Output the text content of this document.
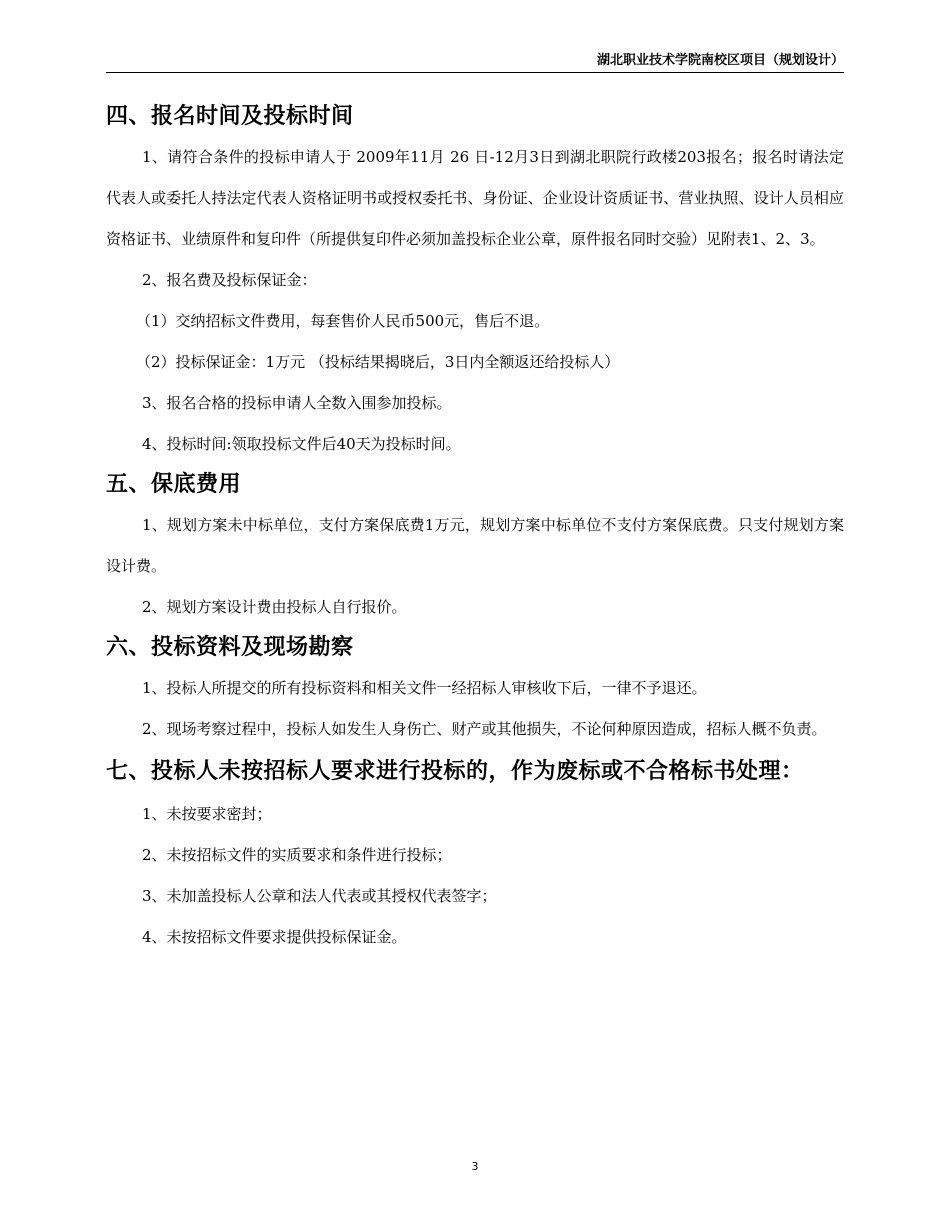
湖北职业技术学院南校区项目（规划设计）
四、报名时间及投标时间

1、请符合条件的投标申请人于 2009年11月 26 日-12月3日到湖北职院行政楼203报名；报名时请法定代表人或委托人持法定代表人资格证明书或授权委托书、身份证、企业设计资质证书、营业执照、设计人员相应资格证书、业绩原件和复印件（所提供复印件必须加盖投标企业公章，原件报名同时交验）见附表1、2、3。

2、报名费及投标保证金：

（1）交纳招标文件费用，每套售价人民币500元，售后不退。

（2）投标保证金：1万元 （投标结果揭晓后，3日内全额返还给投标人）

3、报名合格的投标申请人全数入围参加投标。

4、投标时间:领取投标文件后40天为投标时间。

五、保底费用

1、规划方案未中标单位，支付方案保底费1万元，规划方案中标单位不支付方案保底费。只支付规划方案设计费。

2、规划方案设计费由投标人自行报价。

六、投标资料及现场勘察

1、投标人所提交的所有投标资料和相关文件一经招标人审核收下后，一律不予退还。

2、现场考察过程中，投标人如发生人身伤亡、财产或其他损失，不论何种原因造成，招标人概不负责。

七、投标人未按招标人要求进行投标的，作为废标或不合格标书处理：

1、未按要求密封；

2、未按招标文件的实质要求和条件进行投标；

3、未加盖投标人公章和法人代表或其授权代表签字；

4、未按招标文件要求提供投标保证金。

3
